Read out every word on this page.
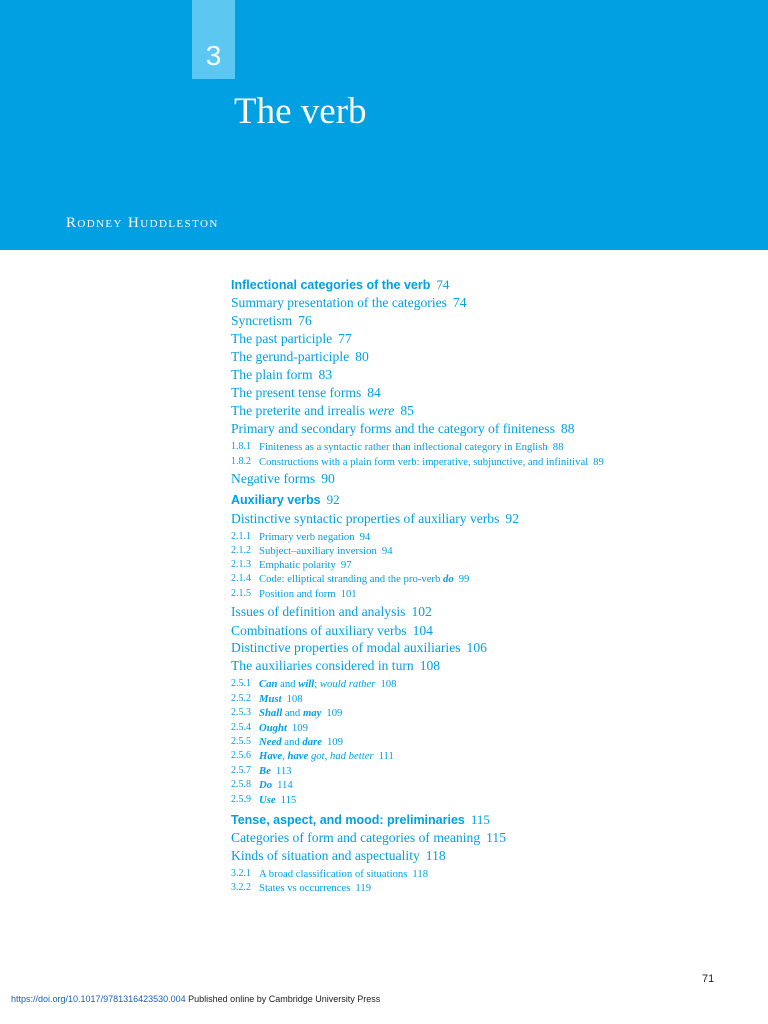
3
The verb
Rodney Huddleston
Inflectional categories of the verb 74
Summary presentation of the categories 74
Syncretism 76
The past participle 77
The gerund-participle 80
The plain form 83
The present tense forms 84
The preterite and irrealis were 85
Primary and secondary forms and the category of finiteness 88
1.8.1 Finiteness as a syntactic rather than inflectional category in English 88
1.8.2 Constructions with a plain form verb: imperative, subjunctive, and infinitival 89
Negative forms 90
Auxiliary verbs 92
Distinctive syntactic properties of auxiliary verbs 92
2.1.1 Primary verb negation 94
2.1.2 Subject–auxiliary inversion 94
2.1.3 Emphatic polarity 97
2.1.4 Code: elliptical stranding and the pro-verb do 99
2.1.5 Position and form 101
Issues of definition and analysis 102
Combinations of auxiliary verbs 104
Distinctive properties of modal auxiliaries 106
The auxiliaries considered in turn 108
2.5.1 Can and will; would rather 108
2.5.2 Must 108
2.5.3 Shall and may 109
2.5.4 Ought 109
2.5.5 Need and dare 109
2.5.6 Have, have got, had better 111
2.5.7 Be 113
2.5.8 Do 114
2.5.9 Use 115
Tense, aspect, and mood: preliminaries 115
Categories of form and categories of meaning 115
Kinds of situation and aspectuality 118
3.2.1 A broad classification of situations 118
3.2.2 States vs occurrences 119
71
https://doi.org/10.1017/9781316423530.004 Published online by Cambridge University Press
